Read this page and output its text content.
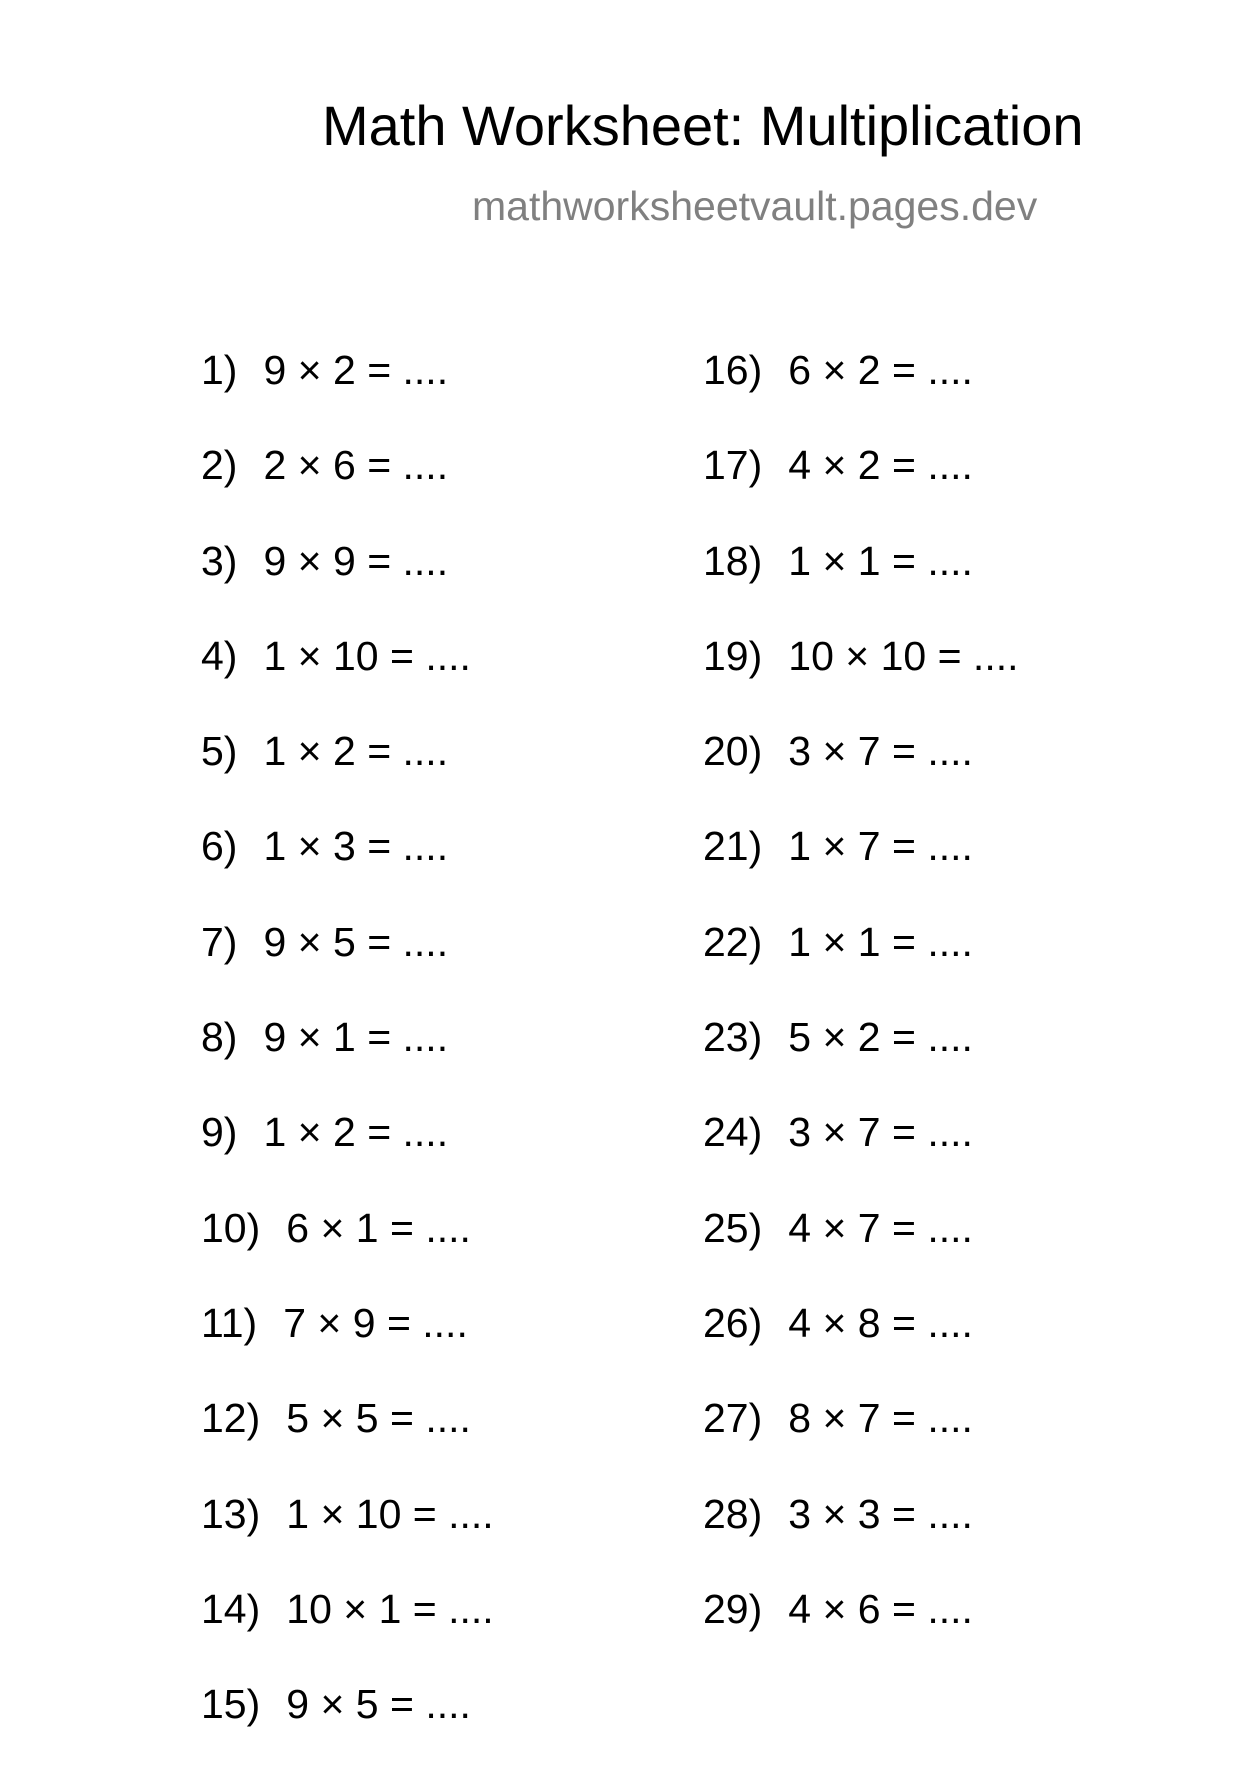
Math Worksheet: Multiplication
mathworksheetvault.pages.dev
1) 9 × 2 = ....
2) 2 × 6 = ....
3) 9 × 9 = ....
4) 1 × 10 = ....
5) 1 × 2 = ....
6) 1 × 3 = ....
7) 9 × 5 = ....
8) 9 × 1 = ....
9) 1 × 2 = ....
10) 6 × 1 = ....
11) 7 × 9 = ....
12) 5 × 5 = ....
13) 1 × 10 = ....
14) 10 × 1 = ....
15) 9 × 5 = ....
16) 6 × 2 = ....
17) 4 × 2 = ....
18) 1 × 1 = ....
19) 10 × 10 = ....
20) 3 × 7 = ....
21) 1 × 7 = ....
22) 1 × 1 = ....
23) 5 × 2 = ....
24) 3 × 7 = ....
25) 4 × 7 = ....
26) 4 × 8 = ....
27) 8 × 7 = ....
28) 3 × 3 = ....
29) 4 × 6 = ....
